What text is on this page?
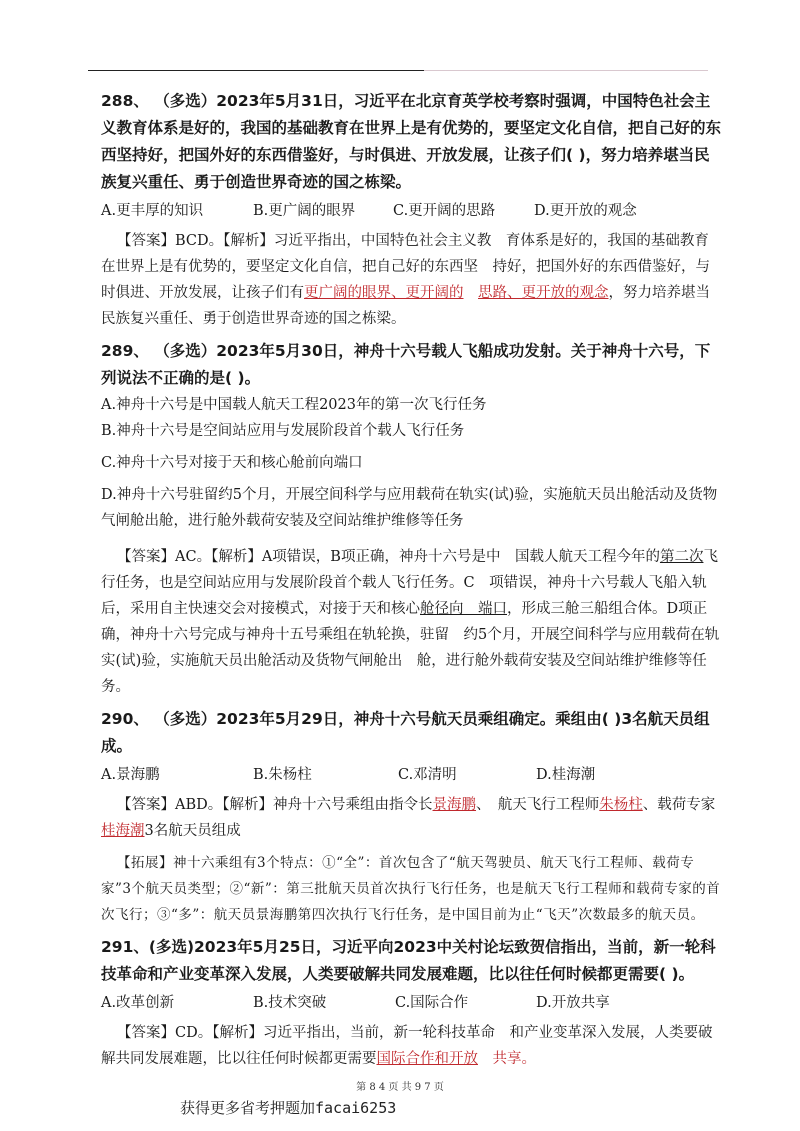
288、 （多选）2023年5月31日，习近平在北京育英学校考察时强调，中国特色社会主义教育体系是好的，我国的基础教育在世界上是有优势的，要坚定文化自信，把自己好的东西坚持好，把国外好的东西借鉴好，与时俱进、开放发展，让孩子们( )，努力培养堪当民族复兴重任、勇于创造世界奇迹的国之栋梁。

A.更丰厚的知识	B.更广阔的眼界	C.更开阔的思路	D.更开放的观念

【答案】BCD。【解析】习近平指出，中国特色社会主义教　育体系是好的，我国的基础教育在世界上是有优势的，要坚定文化自信，把自己好的东西坚　持好，把国外好的东西借鉴好，与时俱进、开放发展，让孩子们有更广阔的眼界、更开阔的　 思路、更开放的观念，努力培养堪当民族复兴重任、勇于创造世界奇迹的国之栋梁。

289、 （多选）2023年5月30日，神舟十六号载人飞船成功发射。关于神舟十六号，下列说法不正确的是( )。

A.神舟十六号是中国载人航天工程2023年的第一次飞行任务

B.神舟十六号是空间站应用与发展阶段首个载人飞行任务

C.神舟十六号对接于天和核心舱前向端口

D.神舟十六号驻留约5个月，开展空间科学与应用载荷在轨实(试)验，实施航天员出舱活动及货物气闸舱出舱，进行舱外载荷安装及空间站维护维修等任务

【答案】AC。【解析】A项错误，B项正确，神舟十六号是中　国载人航天工程今年的第二次飞行任务，也是空间站应用与发展阶段首个载人飞行任务。C　项错误，神舟十六号载人飞船入轨后，采用自主快速交会对接模式，对接于天和核心舱径向　端口，形成三舱三船组合体。D项正确，神舟十六号完成与神舟十五号乘组在轨轮换，驻留　约5个月，开展空间科学与应用载荷在轨实(试)验，实施航天员出舱活动及货物气闸舱出　舱，进行舱外载荷安装及空间站维护维修等任务。

290、 （多选）2023年5月29日，神舟十六号航天员乘组确定。乘组由( )3名航天员组成。

A.景海鹏	B.朱杨柱	C.邓清明	D.桂海潮

【答案】ABD。【解析】神舟十六号乘组由指令长景海鹏、　航天飞行工程师朱杨柱、载荷专家桂海潮3名航天员组成

【拓展】神十六乘组有3个特点：①“全”：首次包含了“航天驾驶员、航天飞行工程师、载荷专家”3个航天员类型；②“新”：第三批航天员首次执行飞行任务，也是航天飞行工程师和载荷专家的首次飞行；③“多”：航天员景海鹏第四次执行飞行任务，是中国目前为止“飞天”次数最多的航天员。

291、(多选)2023年5月25日，习近平向2023中关村论坛致贺信指出，当前，新一轮科技革命和产业变革深入发展，人类要破解共同发展难题，比以往任何时候都更需要( )。

A.改革创新	B.技术突破	C.国际合作	D.开放共享

【答案】CD。【解析】习近平指出，当前，新一轮科技革命　和产业变革深入发展，人类要破解共同发展难题，比以往任何时候都更需要国际合作和开放　 共享。

第 8 4 页 共 9 7 页
获得更多省考押题加facai6253
